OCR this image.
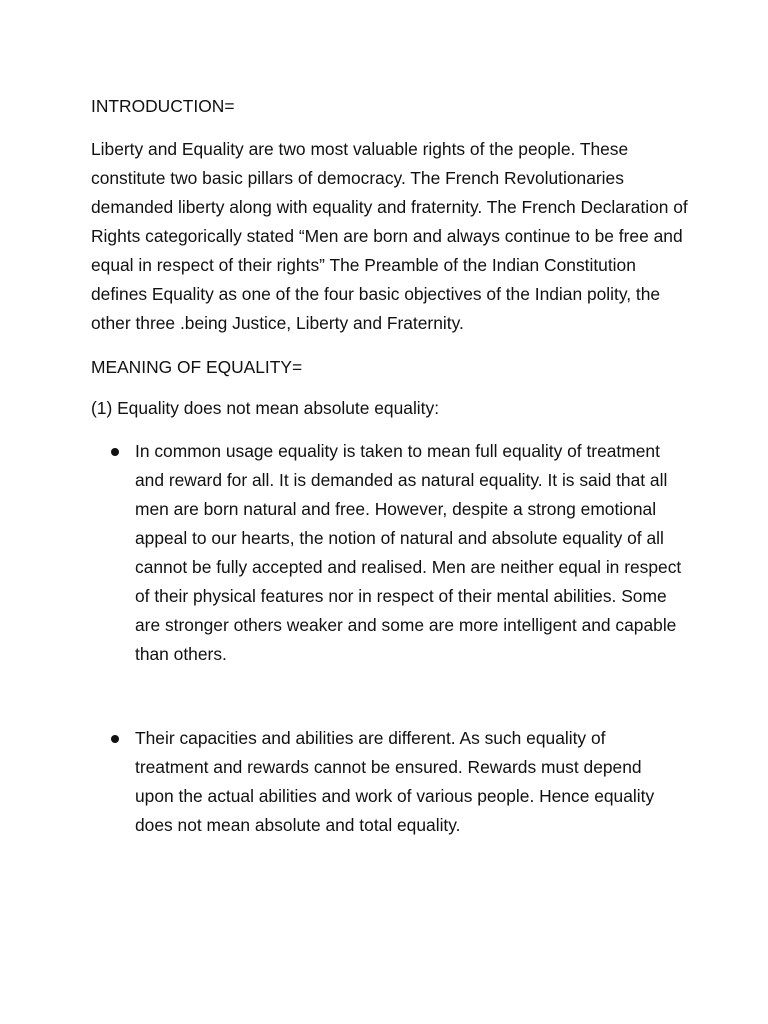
INTRODUCTION=

Liberty and Equality are two most valuable rights of the people. These constitute two basic pillars of democracy. The French Revolutionaries demanded liberty along with equality and fraternity. The French Declaration of Rights categorically stated “Men are born and always continue to be free and equal in respect of their rights” The Preamble of the Indian Constitution defines Equality as one of the four basic objectives of the Indian polity, the other three .being Justice, Liberty and Fraternity.

MEANING OF EQUALITY=

(1) Equality does not mean absolute equality:

In common usage equality is taken to mean full equality of treatment and reward for all. It is demanded as natural equality. It is said that all men are born natural and free. However, despite a strong emotional appeal to our hearts, the notion of natural and absolute equality of all cannot be fully accepted and realised. Men are neither equal in respect of their physical features nor in respect of their mental abilities. Some are stronger others weaker and some are more intelligent and capable than others.
Their capacities and abilities are different. As such equality of treatment and rewards cannot be ensured. Rewards must depend upon the actual abilities and work of various people. Hence equality does not mean absolute and total equality.
